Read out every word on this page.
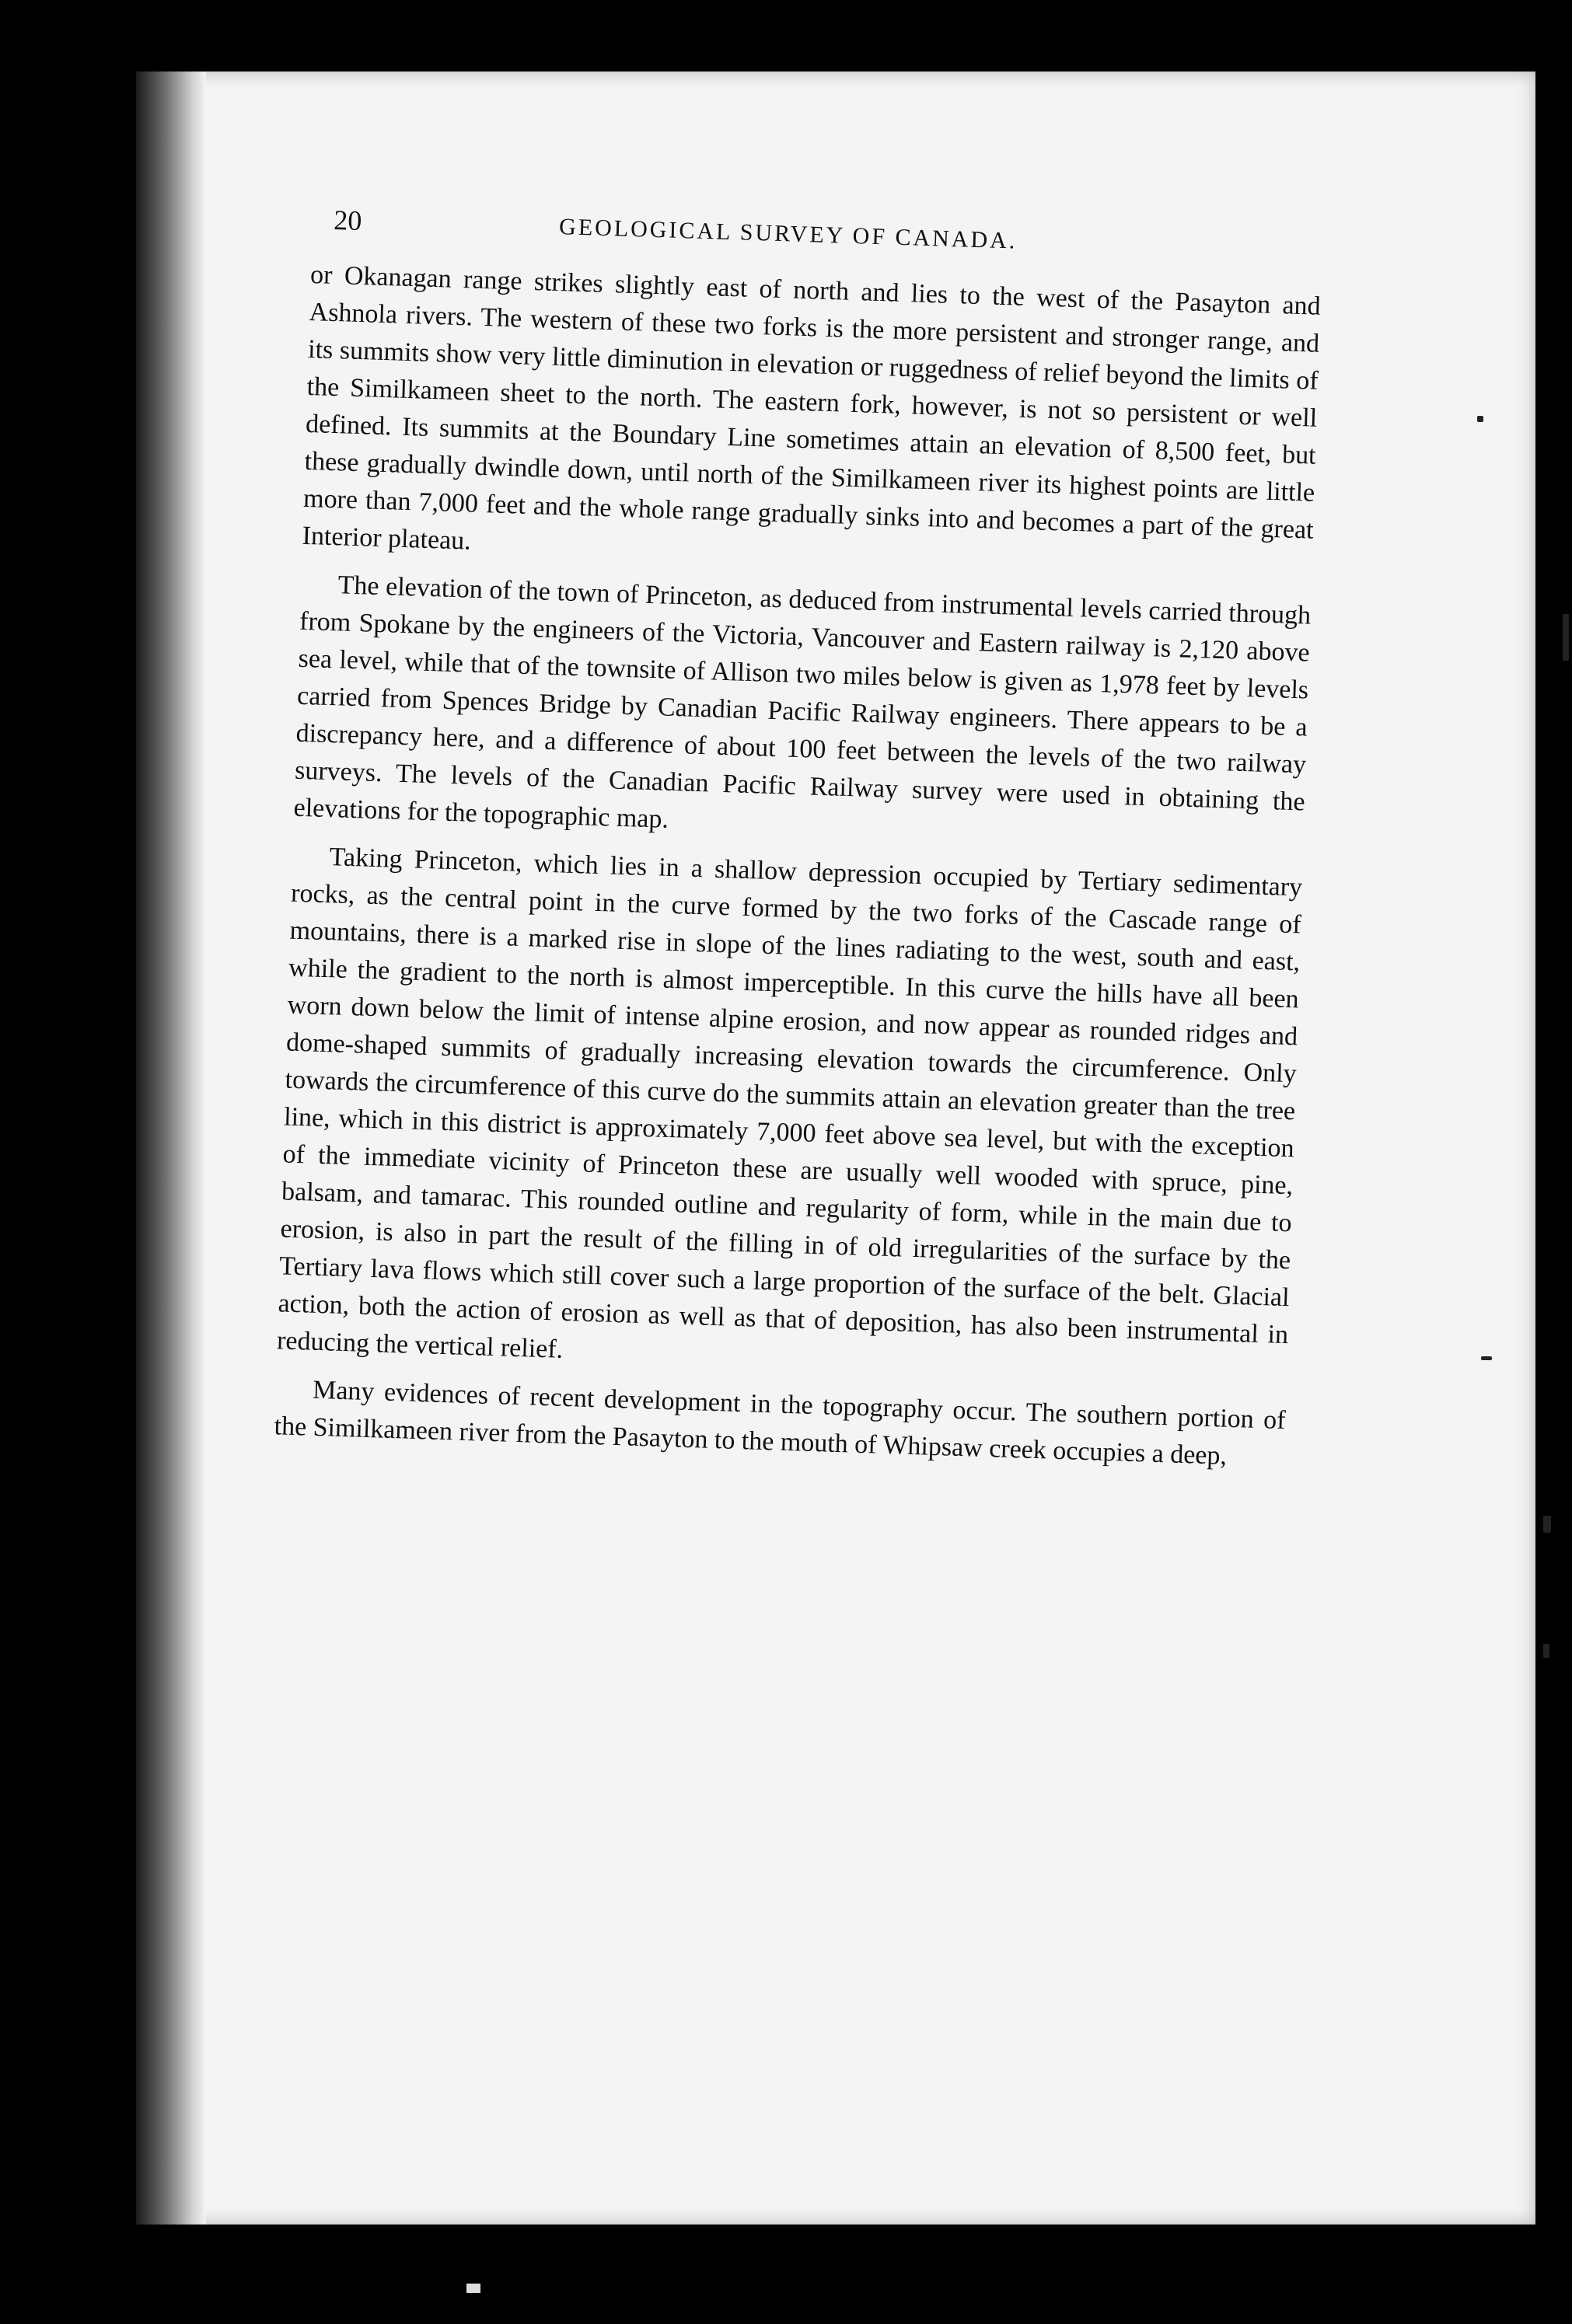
20	GEOLOGICAL SURVEY OF CANADA.

or Okanagan range strikes slightly east of north and lies to the west of the Pasayton and Ashnola rivers. The western of these two forks is the more persistent and stronger range, and its summits show very little diminution in elevation or ruggedness of relief beyond the limits of the Similkameen sheet to the north. The eastern fork, however, is not so persistent or well defined. Its summits at the Boundary Line sometimes attain an elevation of 8,500 feet, but these gradually dwindle down, until north of the Similkameen river its highest points are little more than 7,000 feet and the whole range gradually sinks into and becomes a part of the great Interior plateau.

The elevation of the town of Princeton, as deduced from instrumental levels carried through from Spokane by the engineers of the Victoria, Vancouver and Eastern railway is 2,120 above sea level, while that of the townsite of Allison two miles below is given as 1,978 feet by levels carried from Spences Bridge by Canadian Pacific Railway engineers. There appears to be a discrepancy here, and a difference of about 100 feet between the levels of the two railway surveys. The levels of the Canadian Pacific Railway survey were used in obtaining the elevations for the topographic map.

Taking Princeton, which lies in a shallow depression occupied by Tertiary sedimentary rocks, as the central point in the curve formed by the two forks of the Cascade range of mountains, there is a marked rise in slope of the lines radiating to the west, south and east, while the gradient to the north is almost imperceptible. In this curve the hills have all been worn down below the limit of intense alpine erosion, and now appear as rounded ridges and dome-shaped summits of gradually increasing elevation towards the circumference. Only towards the circumference of this curve do the summits attain an elevation greater than the tree line, which in this district is approximately 7,000 feet above sea level, but with the exception of the immediate vicinity of Princeton these are usually well wooded with spruce, pine, balsam, and tamarac. This rounded outline and regularity of form, while in the main due to erosion, is also in part the result of the filling in of old irregularities of the surface by the Tertiary lava flows which still cover such a large proportion of the surface of the belt. Glacial action, both the action of erosion as well as that of deposition, has also been instrumental in reducing the vertical relief.

Many evidences of recent development in the topography occur. The southern portion of the Similkameen river from the Pasayton to the mouth of Whipsaw creek occupies a deep,
